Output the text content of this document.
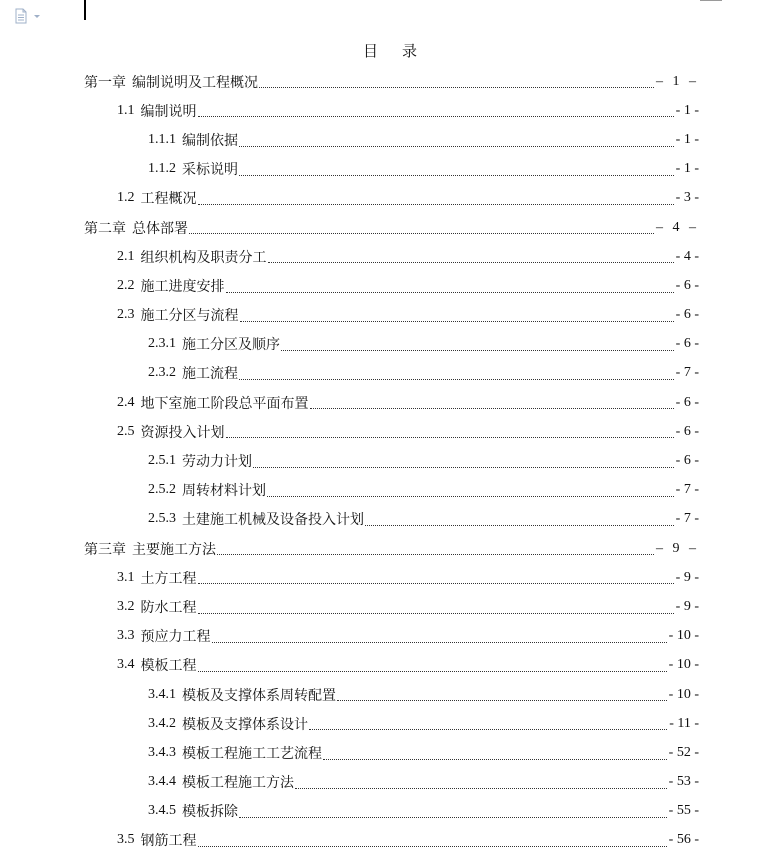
目 录
第一章 编制说明及工程概况	– 1 –
1.1 编制说明	- 1 -
1.1.1 编制依据	- 1 -
1.1.2 采标说明	- 1 -
1.2 工程概况	- 3 -
第二章 总体部署	– 4 –
2.1 组织机构及职责分工	- 4 -
2.2 施工进度安排	- 6 -
2.3 施工分区与流程	- 6 -
2.3.1 施工分区及顺序	- 6 -
2.3.2 施工流程	- 7 -
2.4 地下室施工阶段总平面布置	- 6 -
2.5 资源投入计划	- 6 -
2.5.1 劳动力计划	- 6 -
2.5.2 周转材料计划	- 7 -
2.5.3 土建施工机械及设备投入计划	- 7 -
第三章 主要施工方法	– 9 –
3.1 土方工程	- 9 -
3.2 防水工程	- 9 -
3.3 预应力工程	- 10 -
3.4 模板工程	- 10 -
3.4.1 模板及支撑体系周转配置	- 10 -
3.4.2 模板及支撑体系设计	- 11 -
3.4.3 模板工程施工工艺流程	- 52 -
3.4.4 模板工程施工方法	- 53 -
3.4.5 模板拆除	- 55 -
3.5 钢筋工程	- 56 -
